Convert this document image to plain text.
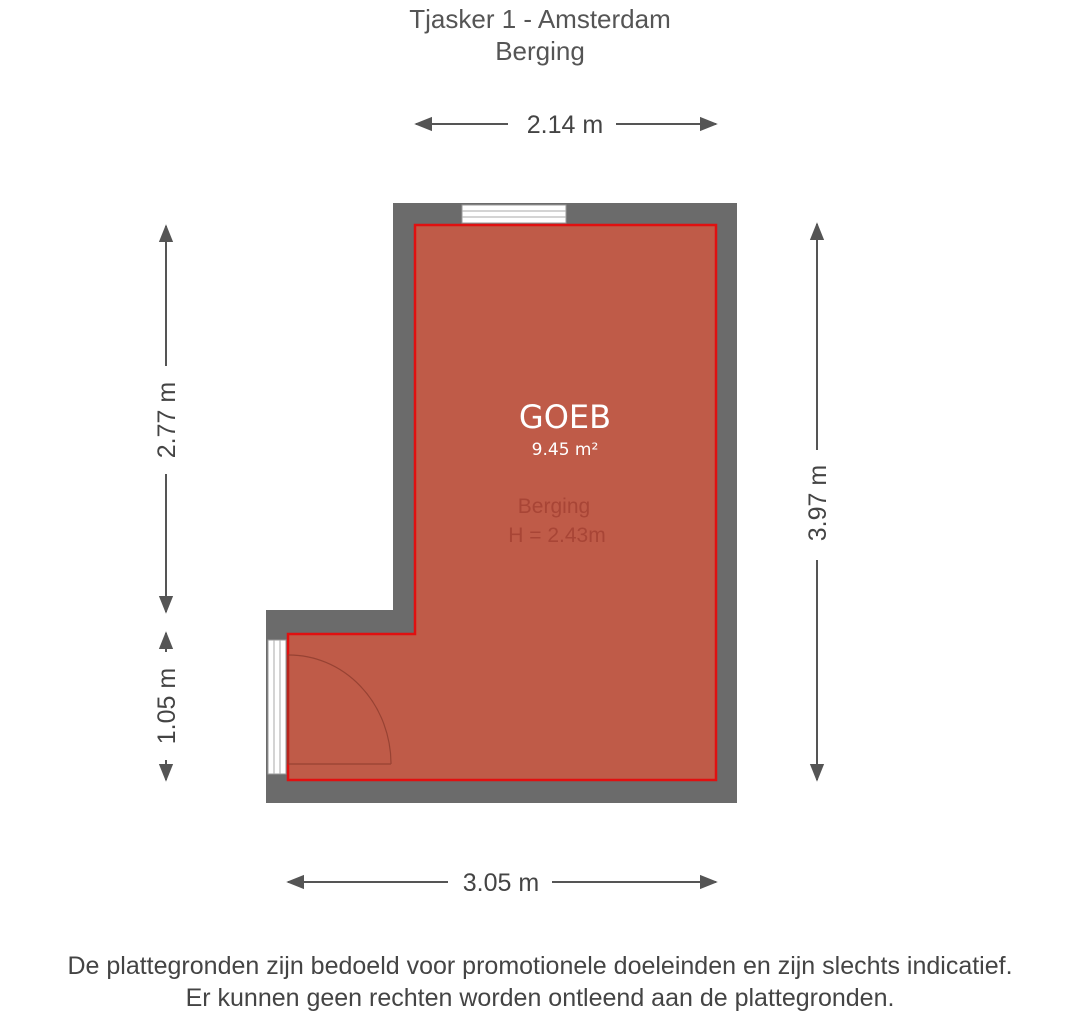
Tjasker 1 - Amsterdam
Berging
GOEB
9.45 m²
Berging
H = 2.43m
2.14 m
3.05 m
2.77 m
1.05 m
3.97 m
De plattegronden zijn bedoeld voor promotionele doeleinden en zijn slechts indicatief.
Er kunnen geen rechten worden ontleend aan de plattegronden.
